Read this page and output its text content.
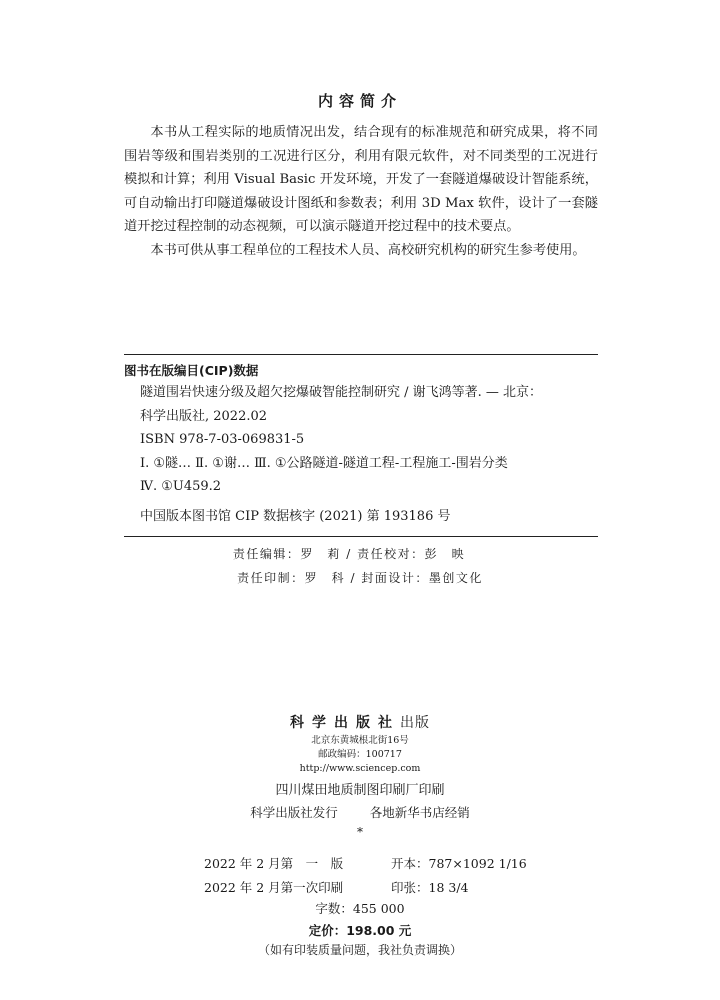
内容简介

本书从工程实际的地质情况出发，结合现有的标准规范和研究成果，将不同围岩等级和围岩类别的工况进行区分，利用有限元软件，对不同类型的工况进行模拟和计算；利用 Visual Basic 开发环境，开发了一套隧道爆破设计智能系统，可自动输出打印隧道爆破设计图纸和参数表；利用 3D Max 软件，设计了一套隧道开挖过程控制的动态视频，可以演示隧道开挖过程中的技术要点。

本书可供从事工程单位的工程技术人员、高校研究机构的研究生参考使用。

图书在版编目(CIP)数据
隧道围岩快速分级及超欠挖爆破智能控制研究 / 谢飞鸿等著. — 北京：
科学出版社, 2022.02
ISBN 978-7-03-069831-5
Ⅰ. ①隧… Ⅱ. ①谢… Ⅲ. ①公路隧道-隧道工程-工程施工-围岩分类
Ⅳ. ①U459.2
中国版本图书馆 CIP 数据核字 (2021) 第 193186 号
责任编辑：罗　莉 / 责任校对：彭　映
责任印制：罗　科 / 封面设计：墨创文化
科学出版社出版
北京东黄城根北街16号
邮政编码：100717
http://www.sciencep.com
四川煤田地质制图印刷厂印刷
科学出版社发行	各地新华书店经销
*
2022 年 2 月第　一　版	开本：787×1092 1/16
2022 年 2 月第一次印刷	印张：18 3/4
字数：455 000
定价：198.00 元
（如有印装质量问题，我社负责调换）
